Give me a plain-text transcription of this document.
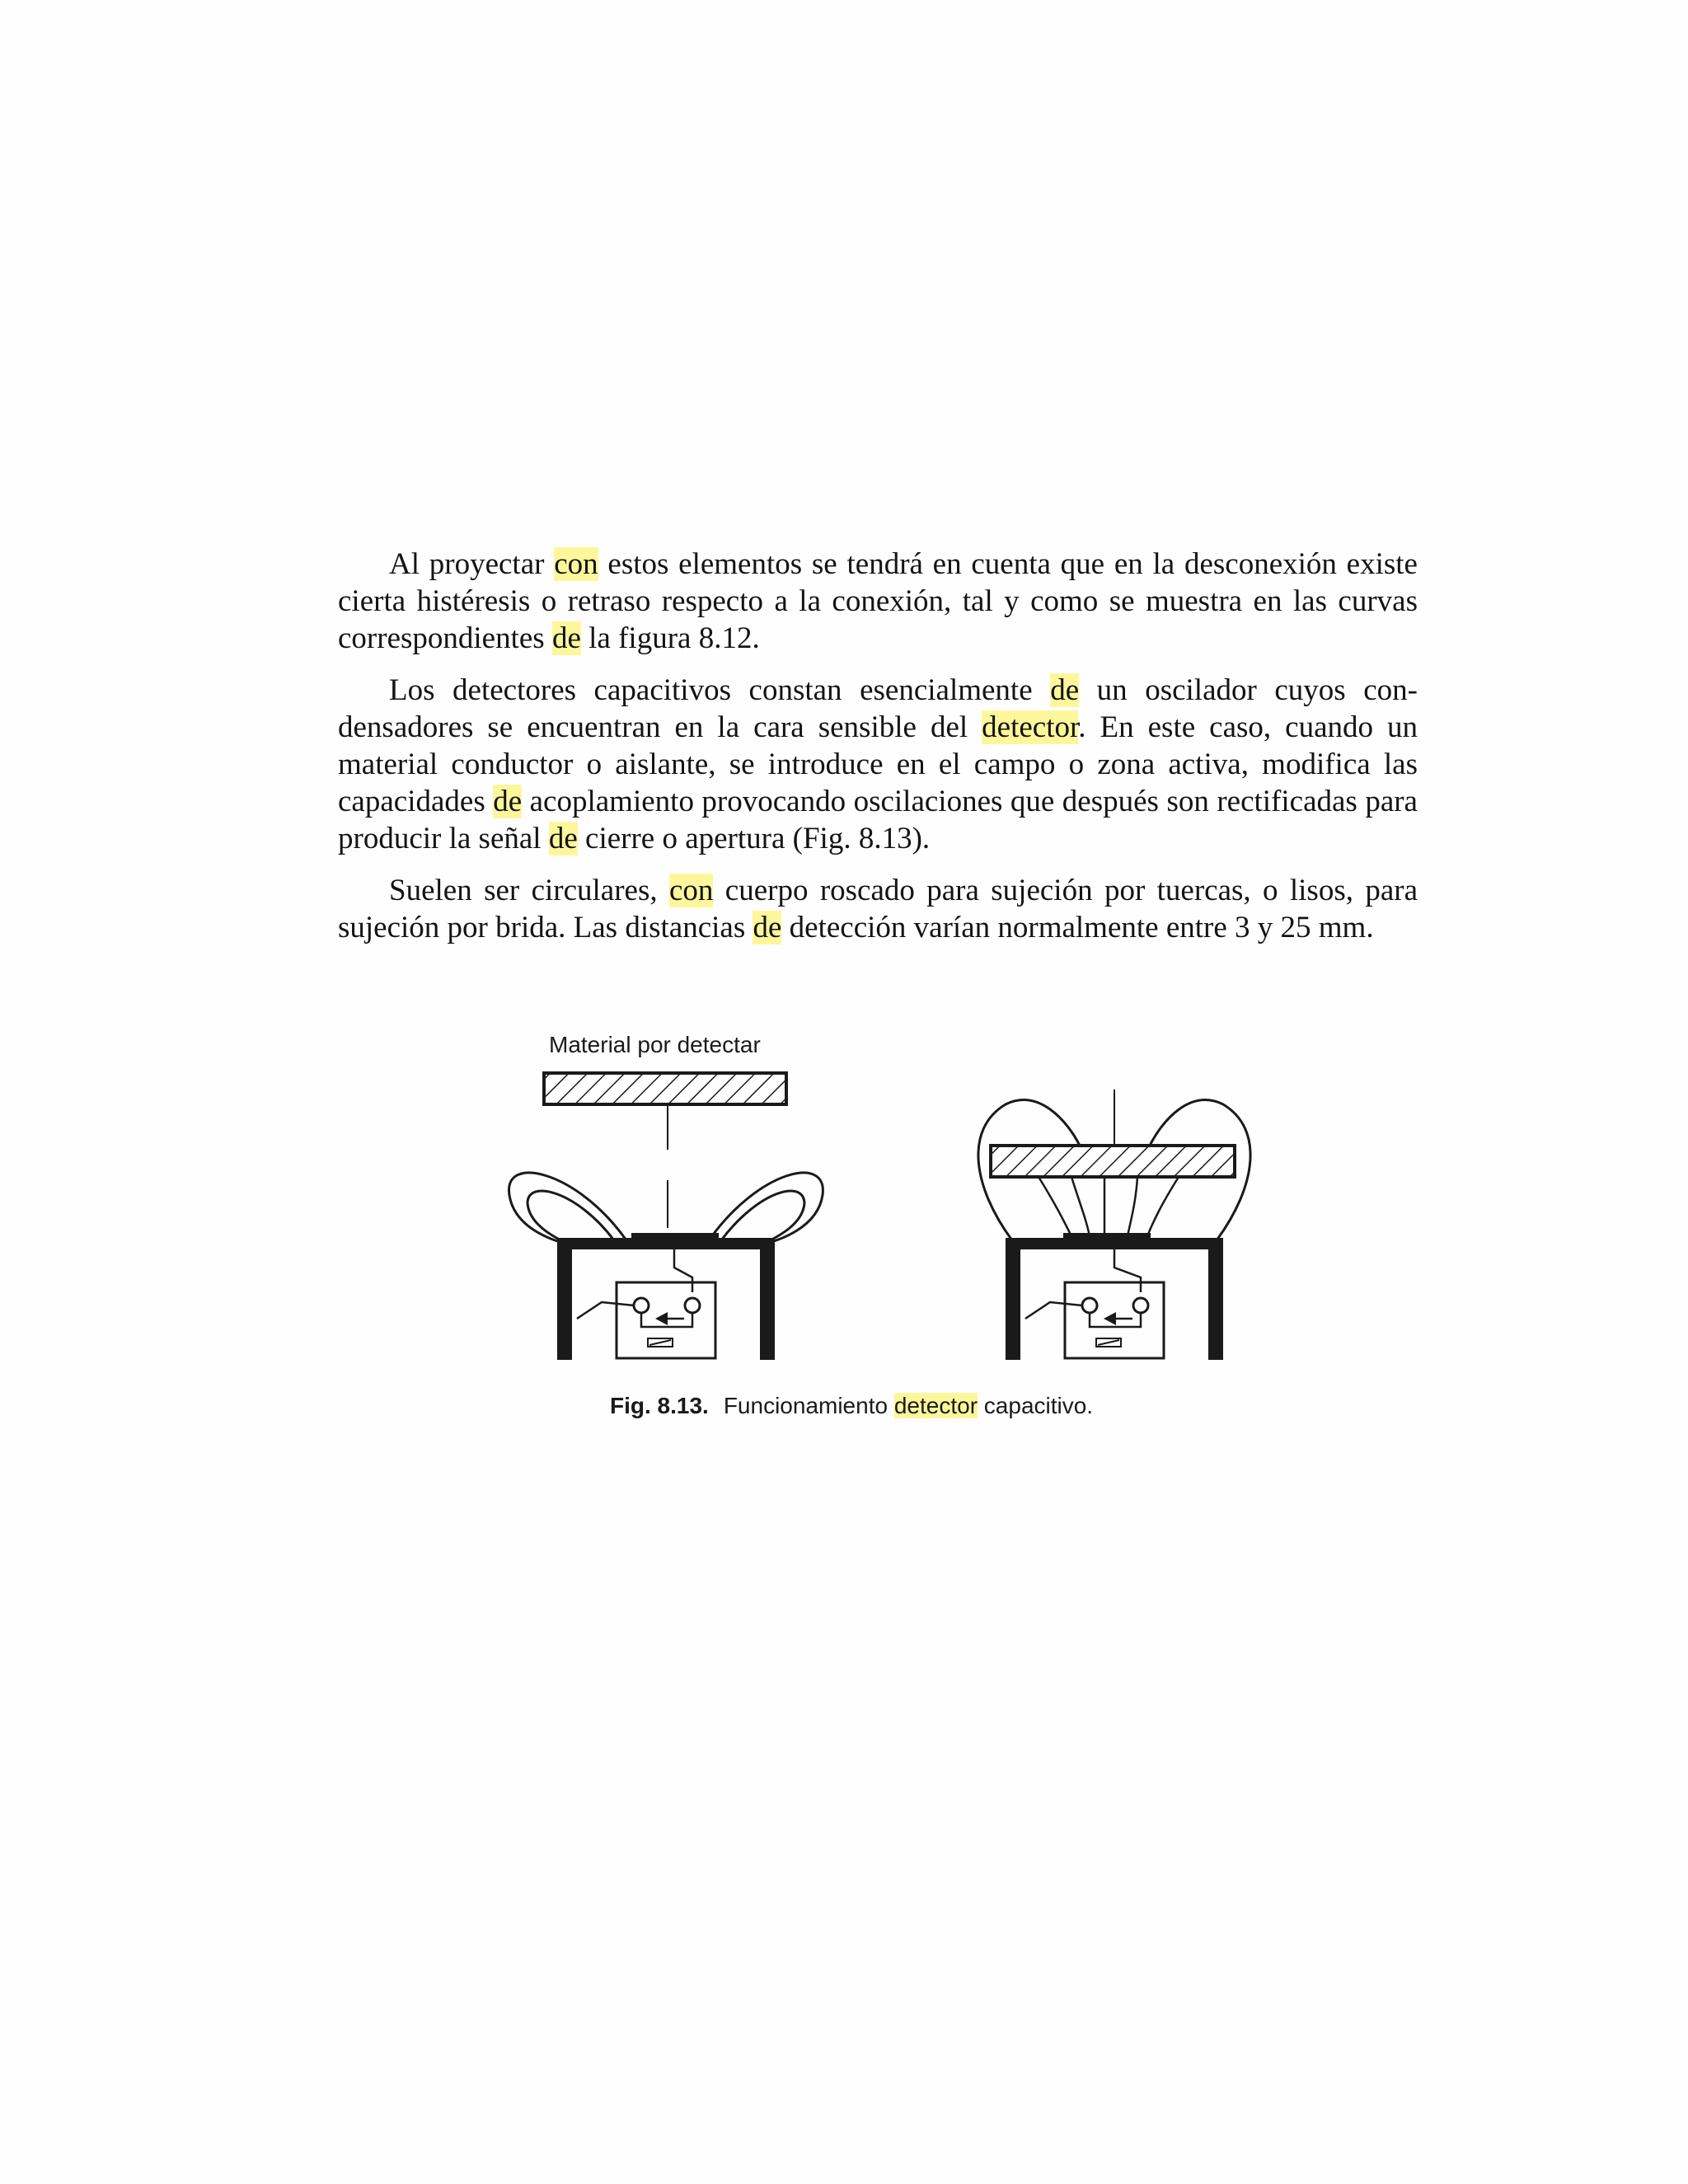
Al proyectar con estos elementos se tendrá en cuenta que en la desconexión existe cierta histéresis o retraso respecto a la conexión, tal y como se muestra en las curvas correspondientes de la figura 8.12.

Los detectores capacitivos constan esencialmente de un oscilador cuyos condensadores se encuentran en la cara sensible del detector. En este caso, cuando un material conductor o aislante, se introduce en el campo o zona activa, modifica las capacidades de acoplamiento provocando oscilaciones que después son rectificadas para producir la señal de cierre o apertura (Fig. 8.13).

Suelen ser circulares, con cuerpo roscado para sujeción por tuercas, o lisos, para sujeción por brida. Las distancias de detección varían normalmente entre 3 y 25 mm.

Material por detectar
Fig. 8.13. Funcionamiento detector capacitivo.
